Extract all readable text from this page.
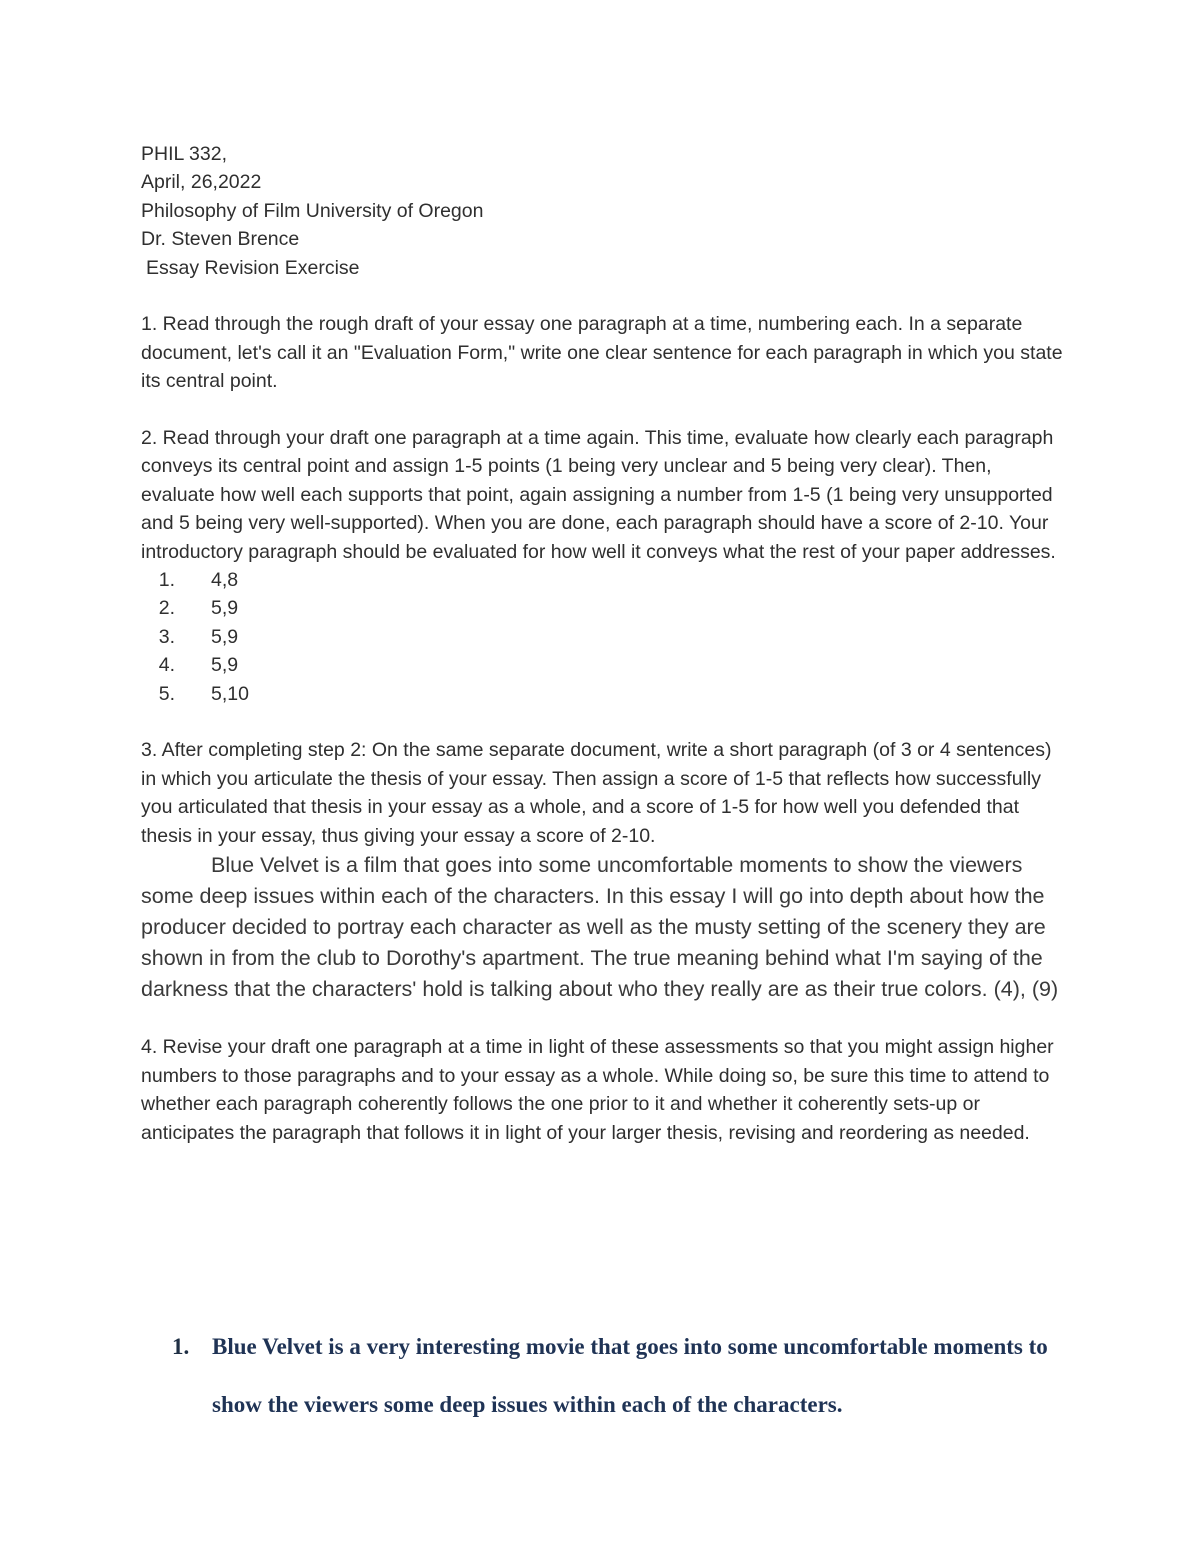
PHIL 332,
April, 26,2022
Philosophy of Film University of Oregon
Dr. Steven Brence
Essay Revision Exercise

1. Read through the rough draft of your essay one paragraph at a time, numbering each. In a separate document, let's call it an "Evaluation Form," write one clear sentence for each paragraph in which you state its central point.

2. Read through your draft one paragraph at a time again. This time, evaluate how clearly each paragraph conveys its central point and assign 1-5 points (1 being very unclear and 5 being very clear). Then, evaluate how well each supports that point, again assigning a number from 1-5 (1 being very unsupported and 5 being very well-supported). When you are done, each paragraph should have a score of 2-10. Your introductory paragraph should be evaluated for how well it conveys what the rest of your paper addresses.

1.	4,8
2.	5,9
3.	5,9
4.	5,9
5.	5,10

3. After completing step 2: On the same separate document, write a short paragraph (of 3 or 4 sentences) in which you articulate the thesis of your essay. Then assign a score of 1-5 that reflects how successfully you articulated that thesis in your essay as a whole, and a score of 1-5 for how well you defended that thesis in your essay, thus giving your essay a score of 2-10.

Blue Velvet is a film that goes into some uncomfortable moments to show the viewers some deep issues within each of the characters. In this essay I will go into depth about how the producer decided to portray each character as well as the musty setting of the scenery they are shown in from the club to Dorothy's apartment. The true meaning behind what I'm saying of the darkness that the characters' hold is talking about who they really are as their true colors. (4), (9)

4. Revise your draft one paragraph at a time in light of these assessments so that you might assign higher numbers to those paragraphs and to your essay as a whole. While doing so, be sure this time to attend to whether each paragraph coherently follows the one prior to it and whether it coherently sets-up or anticipates the paragraph that follows it in light of your larger thesis, revising and reordering as needed.

1. Blue Velvet is a very interesting movie that goes into some uncomfortable moments to show the viewers some deep issues within each of the characters.
